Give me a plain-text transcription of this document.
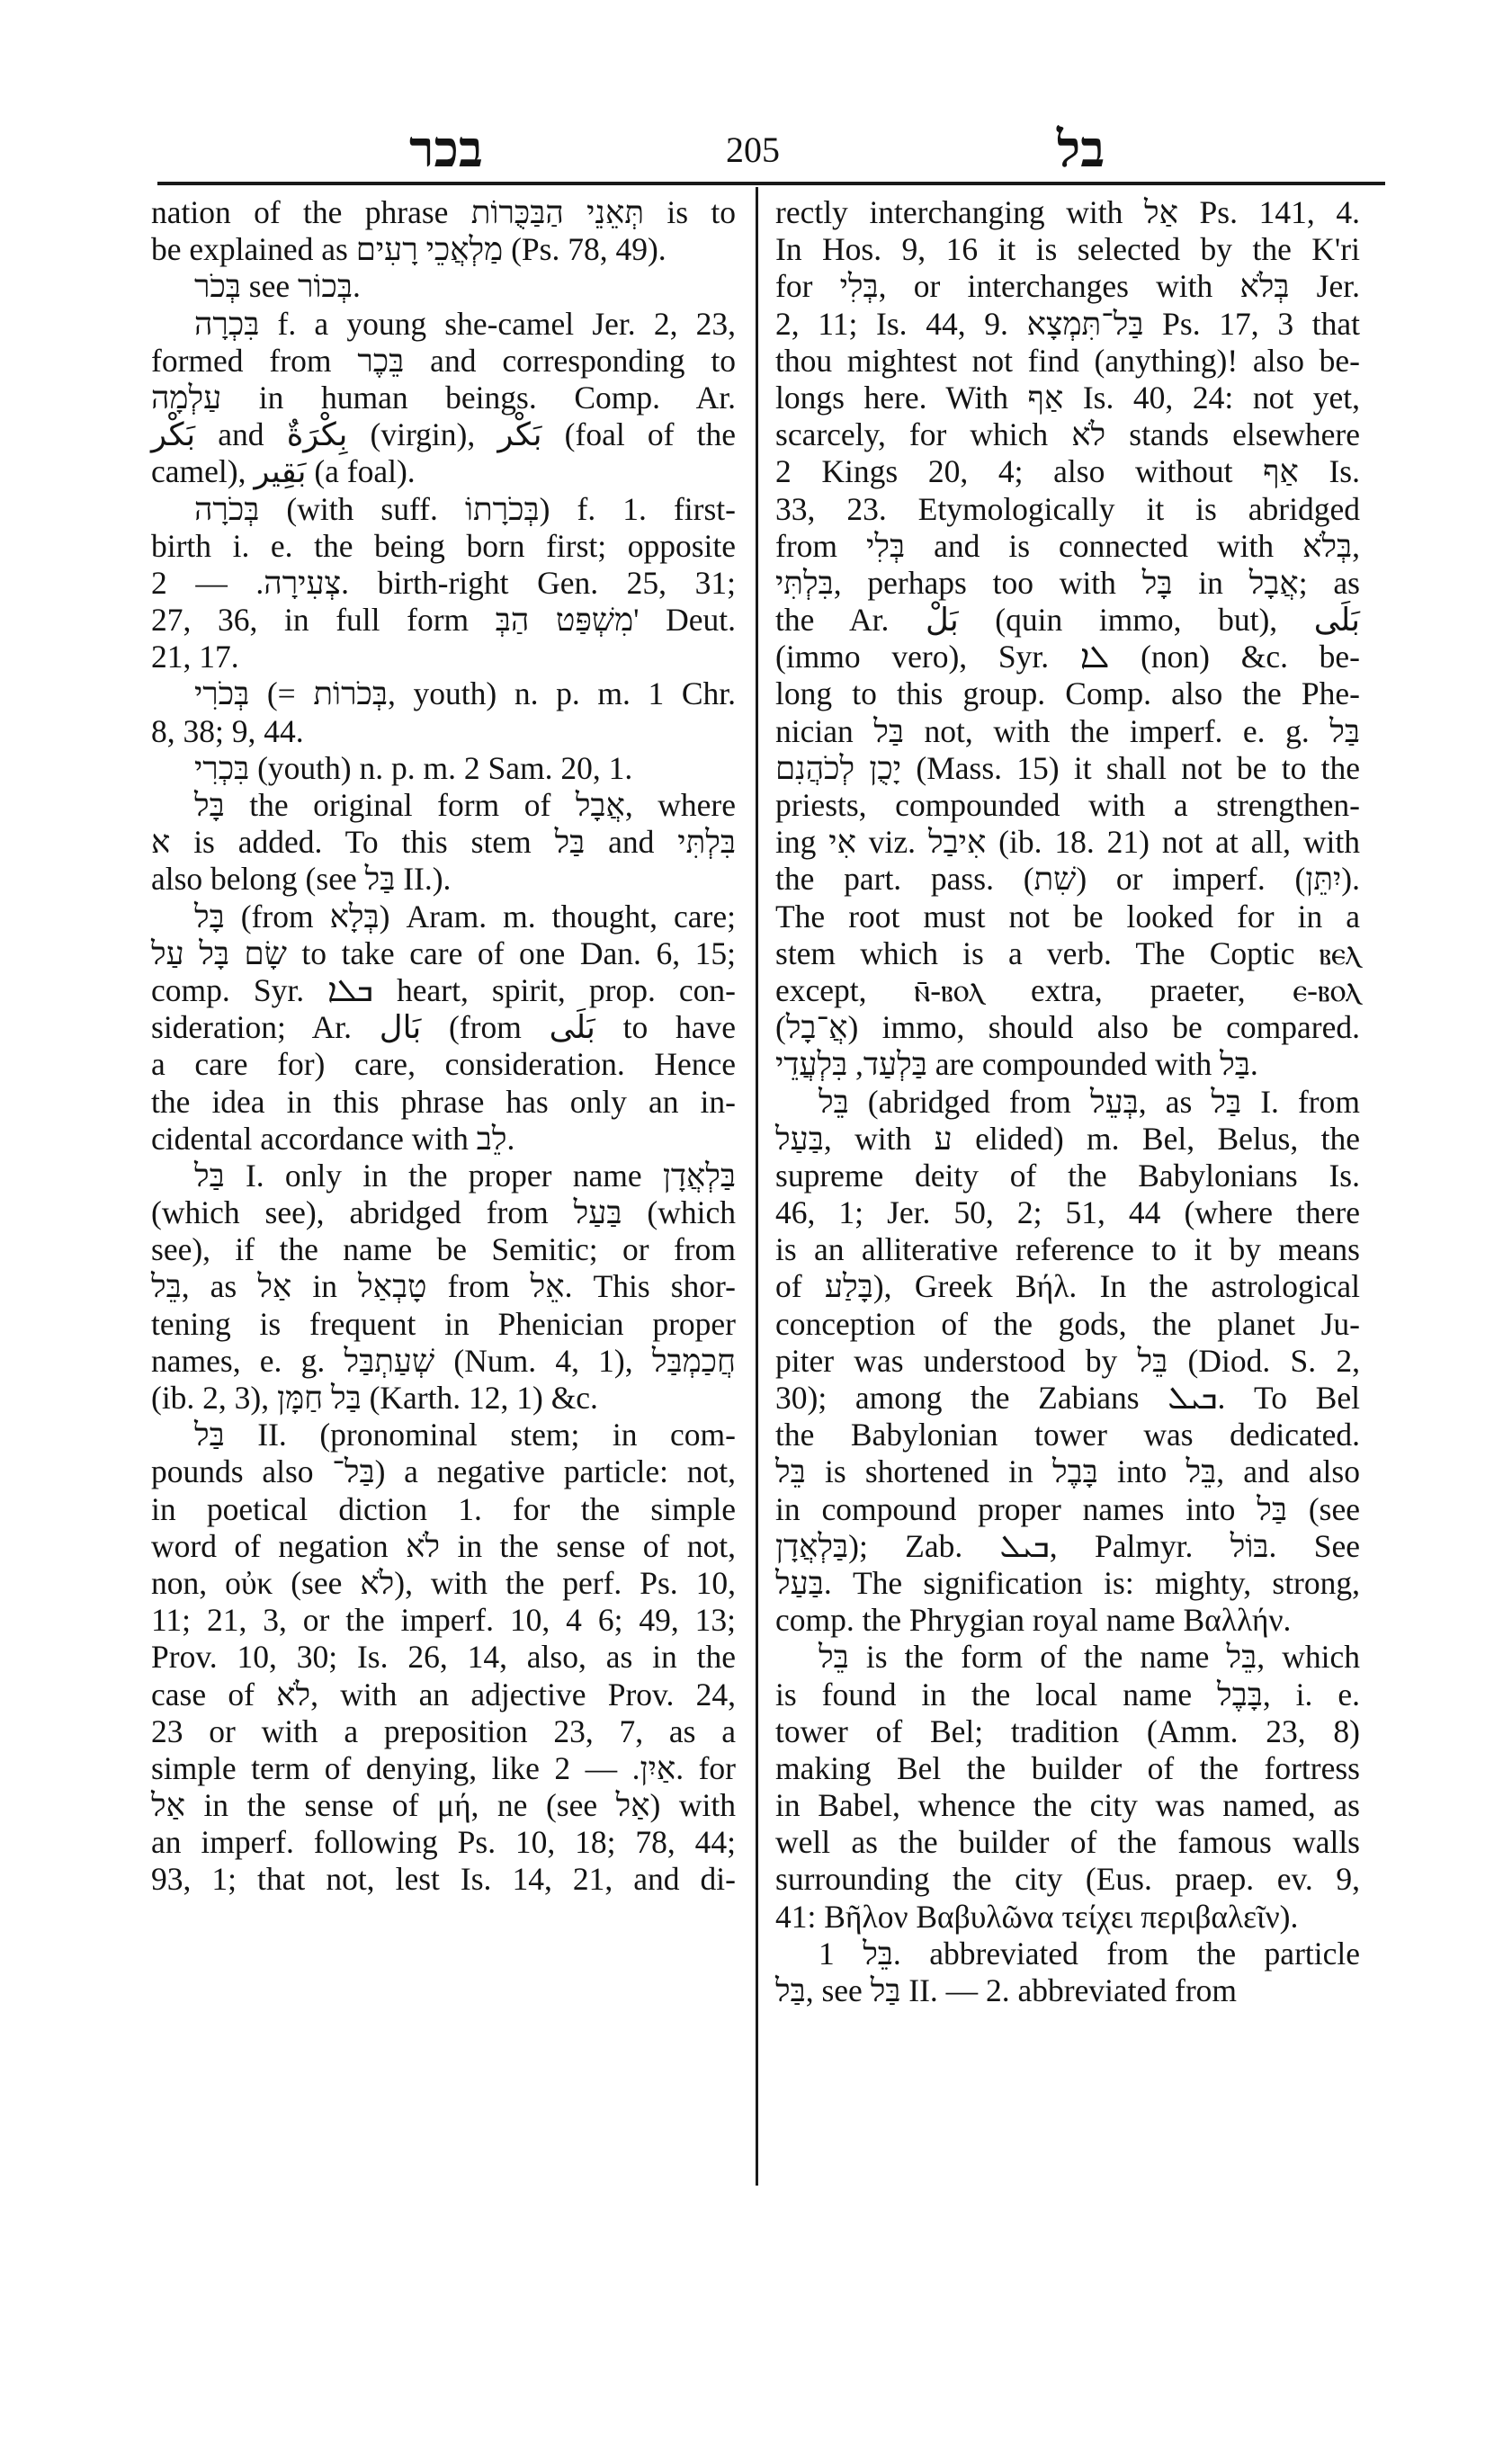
בכר	205	בל
nation of the phrase תְּאֵנֵי הַבַּכֻּרוֹת is to
be explained as מַלְאֲכֵי רָעִים (Ps. 78, 49).
בְּכֹר see בְּכוֹר.
בִּכְרָה f. a young she-camel Jer. 2, 23,
formed from בֵּכֶר and corresponding to
עַלְמָה in human beings. Comp. Ar.
بَكْر and بِكْرَةٌ (virgin), بَكْر (foal of the
camel), بَقِير (a foal).
בְּכֹרָה (with suff. בְּכֹרָתוֹ) f. 1. first-
birth i. e. the being born first; opposite
צְעִירָה. — 2. birth-right Gen. 25, 31;
27, 36, in full form מִשְׁפַּט הַבְּ' Deut.
21, 17.
בְּכֹרִי (= בְּכֹרוֹת, youth) n. p. m. 1 Chr.
8, 38; 9, 44.
בִּכְרִי (youth) n. p. m. 2 Sam. 20, 1.
בָּל the original form of אֲבָל, where
א is added. To this stem בַּל and בִּלְתִּי
also belong (see בַּל II.).
בָּל (from בְּלָא) Aram. m. thought, care;
שָׂם בָּל עַל to take care of one Dan. 6, 15;
comp. Syr. ܒܠܐ heart, spirit, prop. con-
sideration; Ar. بَال (from بَلَى to have
a care for) care, consideration. Hence
the idea in this phrase has only an in-
cidental accordance with לֵב.
בַּל I. only in the proper name בַּלְאֲדָן
(which see), abridged from בַּעַל (which
see), if the name be Semitic; or from
בֵּל, as אַל in טָבְאַל from אֵל. This shor-
tening is frequent in Phenician proper
names, e. g. שְׁעַתְבַּל (Num. 4, 1), חֲכַמְבַּל
(ib. 2, 3), בַּל חַמָּן (Karth. 12, 1) &c.
בַּל II. (pronominal stem; in com-
pounds also בַּל־) a negative particle: not,
in poetical diction 1. for the simple
word of negation לֹא in the sense of not,
non, οὐκ (see לֹא), with the perf. Ps. 10,
11; 21, 3, or the imperf. 10, 4 6; 49, 13;
Prov. 10, 30; Is. 26, 14, also, as in the
case of לֹא, with an adjective Prov. 24,
23 or with a preposition 23, 7, as a
simple term of denying, like אַיִן. — 2. for
אַל in the sense of μή, ne (see אַל) with
an imperf. following Ps. 10, 18; 78, 44;
93, 1; that not, lest Is. 14, 21, and di-
rectly interchanging with אַל Ps. 141, 4.
In Hos. 9, 16 it is selected by the K'ri
for בְּלִי, or interchanges with בְּלֹא Jer.
2, 11; Is. 44, 9. בַּל־תִּמְצָא Ps. 17, 3 that
thou mightest not find (anything)! also be-
longs here. With אַף Is. 40, 24: not yet,
scarcely, for which לֹא stands elsewhere
2 Kings 20, 4; also without אַף Is.
33, 23. Etymologically it is abridged
from בְּלִי and is connected with בְּלֹא,
בִּלְתִּי, perhaps too with בָּל in אֲבָל; as
the Ar. بَلْ (quin immo, but), بَلَى
(immo vero), Syr. ܠܐ (non) &c. be-
long to this group. Comp. also the Phe-
nician בַּל not, with the imperf. e. g. בַּל
יָכֻן לְכֹהֲנִם (Mass. 15) it shall not be to the
priests, compounded with a strengthen-
ing אִי viz. אִיבַל (ib. 18. 21) not at all, with
the part. pass. (שִׁת) or imperf. (יִתֵּן).
The root must not be looked for in a
stem which is a verb. The Coptic ⲃⲉⲗ
except, ⲛ̄-ⲃⲟⲗ extra, praeter, ⲉ-ⲃⲟⲗ
(אֲ־בָל) immo, should also be compared.
בַּלְעַד, בִּלְעֲדֵי are compounded with בַּל.
בֵּל (abridged from בְּעֵל, as בַּל I. from
בַּעַל, with ע elided) m. Bel, Belus, the
supreme deity of the Babylonians Is.
46, 1; Jer. 50, 2; 51, 44 (where there
is an alliterative reference to it by means
of בָּלַע), Greek Βήλ. In the astrological
conception of the gods, the planet Ju-
piter was understood by בֵּל (Diod. S. 2,
30); among the Zabians ܒܝܠ. To Bel
the Babylonian tower was dedicated.
בֵּל is shortened in בָּבֶל into בֵּל, and also
in compound proper names into בַּל (see
בַּלְאֲדָן); Zab. ܒܝܠ, Palmyr. בּוֹל. See
בַּעַל. The signification is: mighty, strong,
comp. the Phrygian royal name Βαλλήν.
בֵּל is the form of the name בֵּל, which
is found in the local name בָּבֶל, i. e.
tower of Bel; tradition (Amm. 23, 8)
making Bel the builder of the fortress
in Babel, whence the city was named, as
well as the builder of the famous walls
surrounding the city (Eus. praep. ev. 9,
41: Βῆλον Βαβυλῶνα τείχει περιβαλεῖν).
בֵּל 1. abbreviated from the particle
בַּל, see בַּל II. — 2. abbreviated from
